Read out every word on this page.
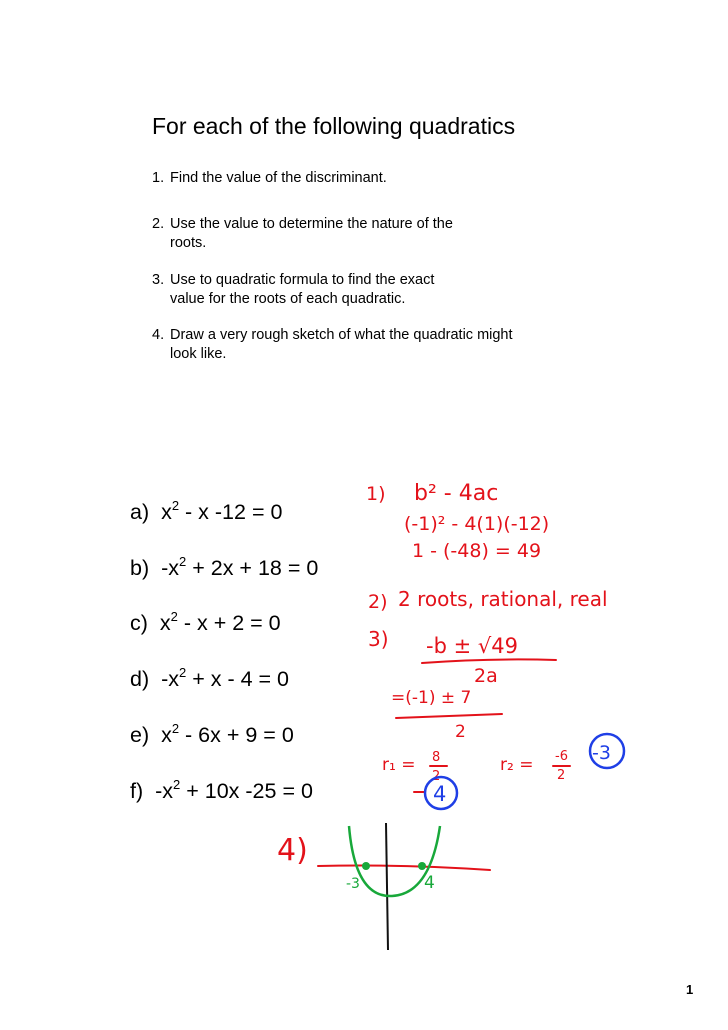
For each of the following quadratics
1. Find the value of the discriminant.
2. Use the value to determine the nature of the
roots.
3. Use to quadratic formula to find the exact
value for the roots of each quadratic.
4. Draw a very rough sketch of what the quadratic might
look like.
a) $x^2$ - x -12 = 0
b) $-x^2 + 2x + 18 = 0$
c) $x^2 - x + 2 = 0$
d) $-x^2 + x - 4 = 0$
e) $x^2 - 6x + 9 = 0$
f) $-x^2 + 10x$ -25 = 0
1) b² - 4ac
(-1)² - 4(1)(-12)
1 - (-48) = 49
2) 2 roots, rational, real
3) -b ± √49
2a
=(-1) ± 7
2
r₁ = 8
2
r₂ = -6
2
4)
-3	4
4
-3
1
